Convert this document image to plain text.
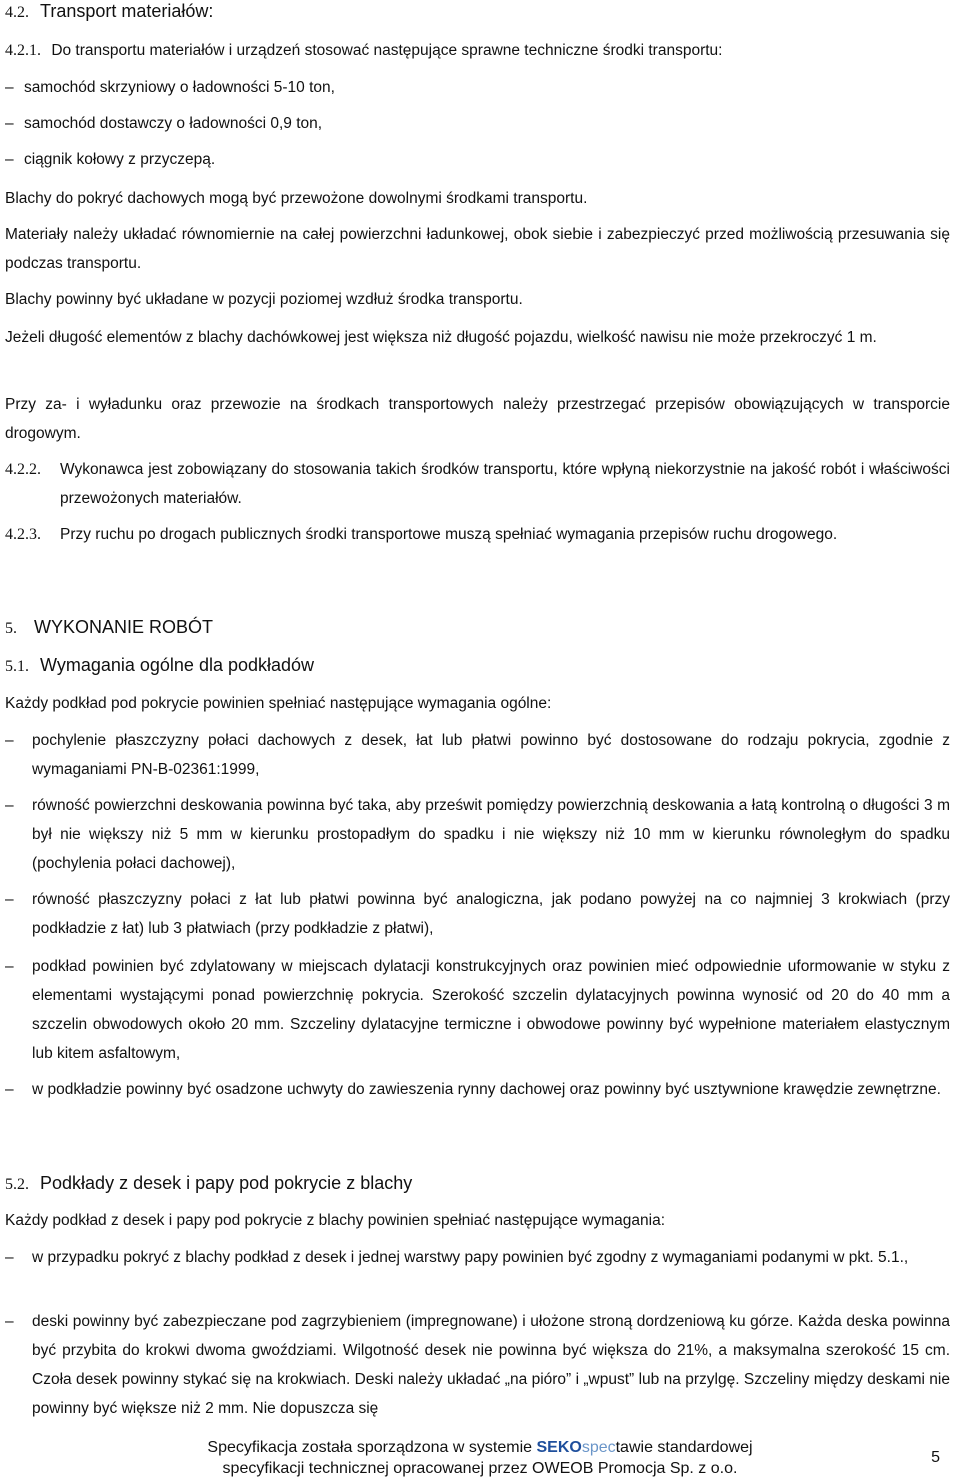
4.2. Transport materiałów:
4.2.1. Do transportu materiałów i urządzeń stosować następujące sprawne techniczne środki transportu:
– samochód skrzyniowy o ładowności 5-10 ton,
– samochód dostawczy o ładowności 0,9 ton,
– ciągnik kołowy z przyczepą.
Blachy do pokryć dachowych mogą być przewożone dowolnymi środkami transportu.
Materiały należy układać równomiernie na całej powierzchni ładunkowej, obok siebie i zabezpieczyć przed możliwością przesuwania się podczas transportu.
Blachy powinny być układane w pozycji poziomej wzdłuż środka transportu.
Jeżeli długość elementów z blachy dachówkowej jest większa niż długość pojazdu, wielkość nawisu nie może przekroczyć 1 m.
Przy za- i wyładunku oraz przewozie na środkach transportowych należy przestrzegać przepisów obowiązujących w transporcie drogowym.
4.2.2.	Wykonawca jest zobowiązany do stosowania takich środków transportu, które wpłyną niekorzystnie na jakość robót i właściwości przewożonych materiałów.
4.2.3.	Przy ruchu po drogach publicznych środki transportowe muszą spełniać wymagania przepisów ruchu drogowego.
5. WYKONANIE ROBÓT
5.1. Wymagania ogólne dla podkładów
Każdy podkład pod pokrycie powinien spełniać następujące wymagania ogólne:
– pochylenie płaszczyzny połaci dachowych z desek, łat lub płatwi powinno być dostosowane do rodzaju pokrycia, zgodnie z wymaganiami PN-B-02361:1999,
– równość powierzchni deskowania powinna być taka, aby prześwit pomiędzy powierzchnią deskowania a łatą kontrolną o długości 3 m był nie większy niż 5 mm w kierunku prostopadłym do spadku i nie większy niż 10 mm w kierunku równoległym do spadku (pochylenia połaci dachowej),
– równość płaszczyzny połaci z łat lub płatwi powinna być analogiczna, jak podano powyżej na co najmniej 3 krokwiach (przy podkładzie z łat) lub 3 płatwiach (przy podkładzie z płatwi),
– podkład powinien być zdylatowany w miejscach dylatacji konstrukcyjnych oraz powinien mieć odpowiednie uformowanie w styku z elementami wystającymi ponad powierzchnię pokrycia. Szerokość szczelin dylatacyjnych powinna wynosić od 20 do 40 mm a szczelin obwodowych około 20 mm. Szczeliny dylatacyjne termiczne i obwodowe powinny być wypełnione materiałem elastycznym lub kitem asfaltowym,
– w podkładzie powinny być osadzone uchwyty do zawieszenia rynny dachowej oraz powinny być usztywnione krawędzie zewnętrzne.
5.2. Podkłady z desek i papy pod pokrycie z blachy
Każdy podkład z desek i papy pod pokrycie z blachy powinien spełniać następujące wymagania:
– w przypadku pokryć z blachy podkład z desek i jednej warstwy papy powinien być zgodny z wymaganiami podanymi w pkt. 5.1.,
– deski powinny być zabezpieczane pod zagrzybieniem (impregnowane) i ułożone stroną dordzeniową ku górze. Każda deska powinna być przybita do krokwi dwoma gwoździami. Wilgotność desek nie powinna być większa do 21%, a maksymalna szerokość 15 cm. Czoła desek powinny stykać się na krokwiach. Deski należy układać „na pióro” i „wpust” lub na przylgę. Szczeliny między deskami nie powinny być większe niż 2 mm. Nie dopuszcza się
Specyfikacja została sporządzona w systemie SEKOspectawie standardowej
specyfikacji technicznej opracowanej przez OWEOB Promocja Sp. z o.o.
5
